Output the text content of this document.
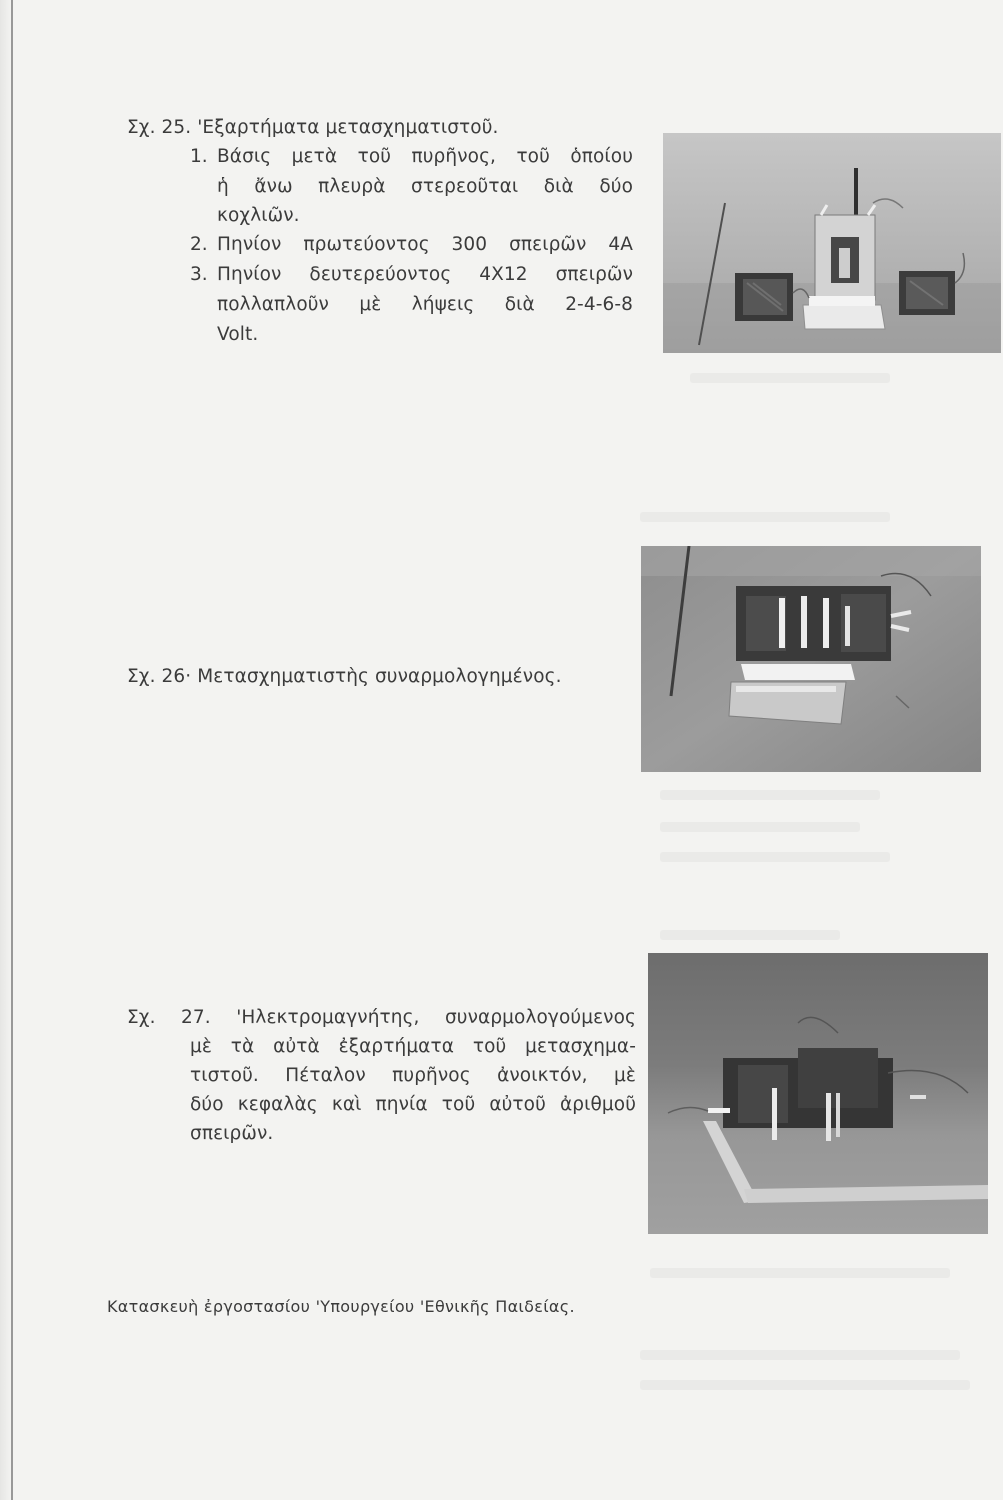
Σχ. 25. 'Εξαρτήματα μετασχηματιστοῦ.
1. Βάσις μετὰ τοῦ πυρῆνος, τοῦ ὁποίου
ἡ ἄνω πλευρὰ στερεοῦται διὰ δύο
κοχλιῶν.
2. Πηνίον πρωτεύοντος 300 σπειρῶν 4A
3. Πηνίον δευτερεύοντος 4X12 σπειρῶν
πολλαπλοῦν μὲ λήψεις διὰ 2-4-6-8
Volt.
Σχ. 26· Μετασχηματιστὴς συναρμολογημένος.
Σχ. 27. 'Ηλεκτρομαγνήτης, συναρμολογούμενος
μὲ τὰ αὐτὰ ἐξαρτήματα τοῦ μετασχημα-
τιστοῦ. Πέταλον πυρῆνος ἀνοικτόν, μὲ
δύο κεφαλὰς καὶ πηνία τοῦ αὐτοῦ ἀριθμοῦ
σπειρῶν.
Κατασκευὴ ἐργοστασίου 'Υπουργείου 'Εθνικῆς Παιδείας.
